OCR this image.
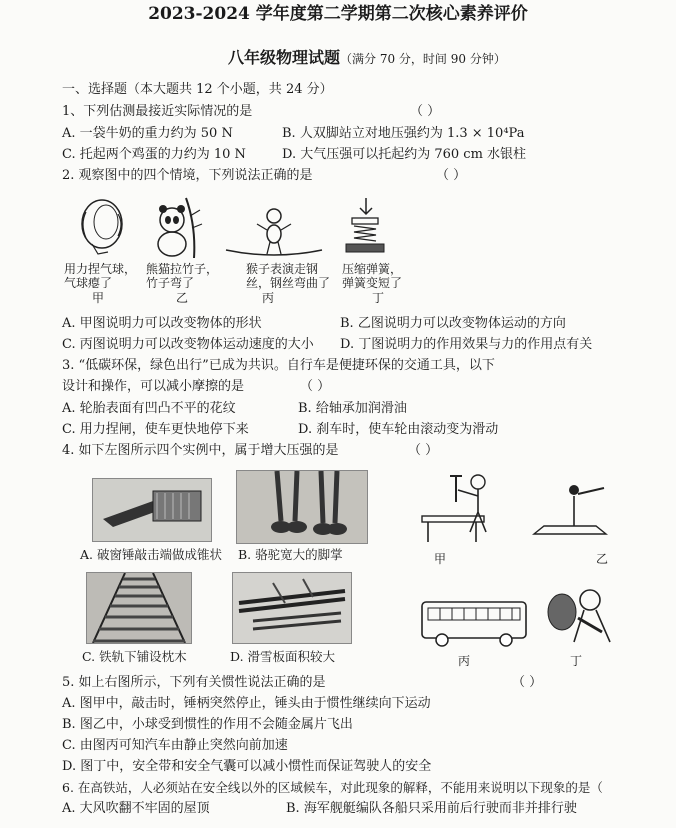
2023-2024 学年度第二学期第二次核心素养评价
八年级物理试题（满分 70 分，时间 90 分钟）
一、选择题（本大题共 12 个小题，共 24 分）
1、下列估测最接近实际情况的是	（ ）
A. 一袋牛奶的重力约为 50 N	B. 人双脚站立对地压强约为 1.3 × 10⁴Pa
C. 托起两个鸡蛋的力约为 10 N	D. 大气压强可以托起约为 760 cm 水银柱
2. 观察图中的四个情境，下列说法正确的是	（ ）
用力捏气球，气球瘪了
甲
熊猫拉竹子，竹子弯了
乙
猴子表演走钢丝，钢丝弯曲了
丙
压缩弹簧，弹簧变短了
丁
A. 甲图说明力可以改变物体的形状	B. 乙图说明力可以改变物体运动的方向
C. 丙图说明力可以改变物体运动速度的大小 D. 丁图说明力的作用效果与力的作用点有关
3. “低碳环保，绿色出行”已成为共识。自行车是便捷环保的交通工具，以下
设计和操作，可以减小摩擦的是	（ ）
A. 轮胎表面有凹凸不平的花纹	B. 给轴承加润滑油
C. 用力捏闸，使车更快地停下来	D. 刹车时，使车轮由滚动变为滑动
4. 如下左图所示四个实例中，属于增大压强的是	（ ）
A. 破窗锤敲击端做成锥状 B. 骆驼宽大的脚掌
C. 铁轨下铺设枕木	D. 滑雪板面积较大
甲	乙
丙	丁
5. 如上右图所示，下列有关惯性说法正确的是	（ ）
A. 图甲中，敲击时，锤柄突然停止，锤头由于惯性继续向下运动
B. 图乙中，小球受到惯性的作用不会随金属片飞出
C. 由图丙可知汽车由静止突然向前加速
D. 图丁中，安全带和安全气囊可以减小惯性而保证驾驶人的安全
6. 在高铁站，人必须站在安全线以外的区域候车，对此现象的解释，不能用来说明以下现象的是（
A. 大风吹翻不牢固的屋顶	B. 海军舰艇编队各船只采用前后行驶而非并排行驶
